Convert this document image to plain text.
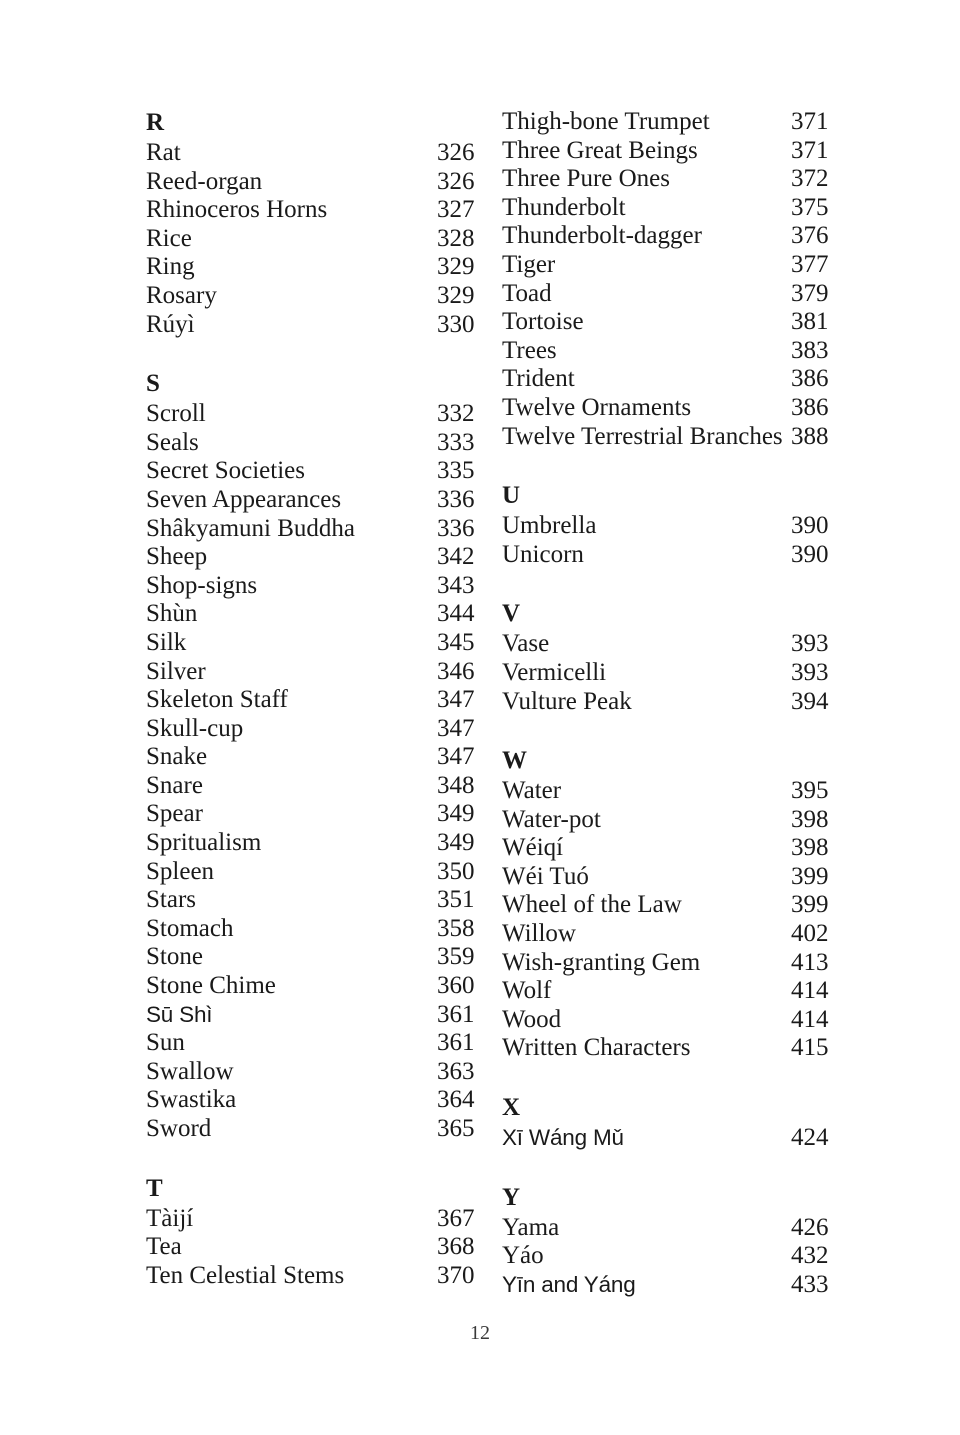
R
Rat	326
Reed-organ	326
Rhinoceros Horns	327
Rice	328
Ring	329
Rosary	329
Rúyì	330
S
Scroll	332
Seals	333
Secret Societies	335
Seven Appearances	336
Shâkyamuni Buddha	336
Sheep	342
Shop-signs	343
Shùn	344
Silk	345
Silver	346
Skeleton Staff	347
Skull-cup	347
Snake	347
Snare	348
Spear	349
Spritualism	349
Spleen	350
Stars	351
Stomach	358
Stone	359
Stone Chime	360
Sū Shì	361
Sun	361
Swallow	363
Swastika	364
Sword	365
T
Tàijí	367
Tea	368
Ten Celestial Stems	370
Thigh-bone Trumpet	371
Three Great Beings	371
Three Pure Ones	372
Thunderbolt	375
Thunderbolt-dagger	376
Tiger	377
Toad	379
Tortoise	381
Trees	383
Trident	386
Twelve Ornaments	386
Twelve Terrestrial Branches 388
U
Umbrella	390
Unicorn	390
V
Vase	393
Vermicelli	393
Vulture Peak	394
W
Water	395
Water-pot	398
Wéiqí	398
Wéi Tuó	399
Wheel of the Law	399
Willow	402
Wish-granting Gem	413
Wolf	414
Wood	414
Written Characters	415
X
Xī Wáng Mǔ	424
Y
Yama	426
Yáo	432
Yīn and Yáng	433
12
